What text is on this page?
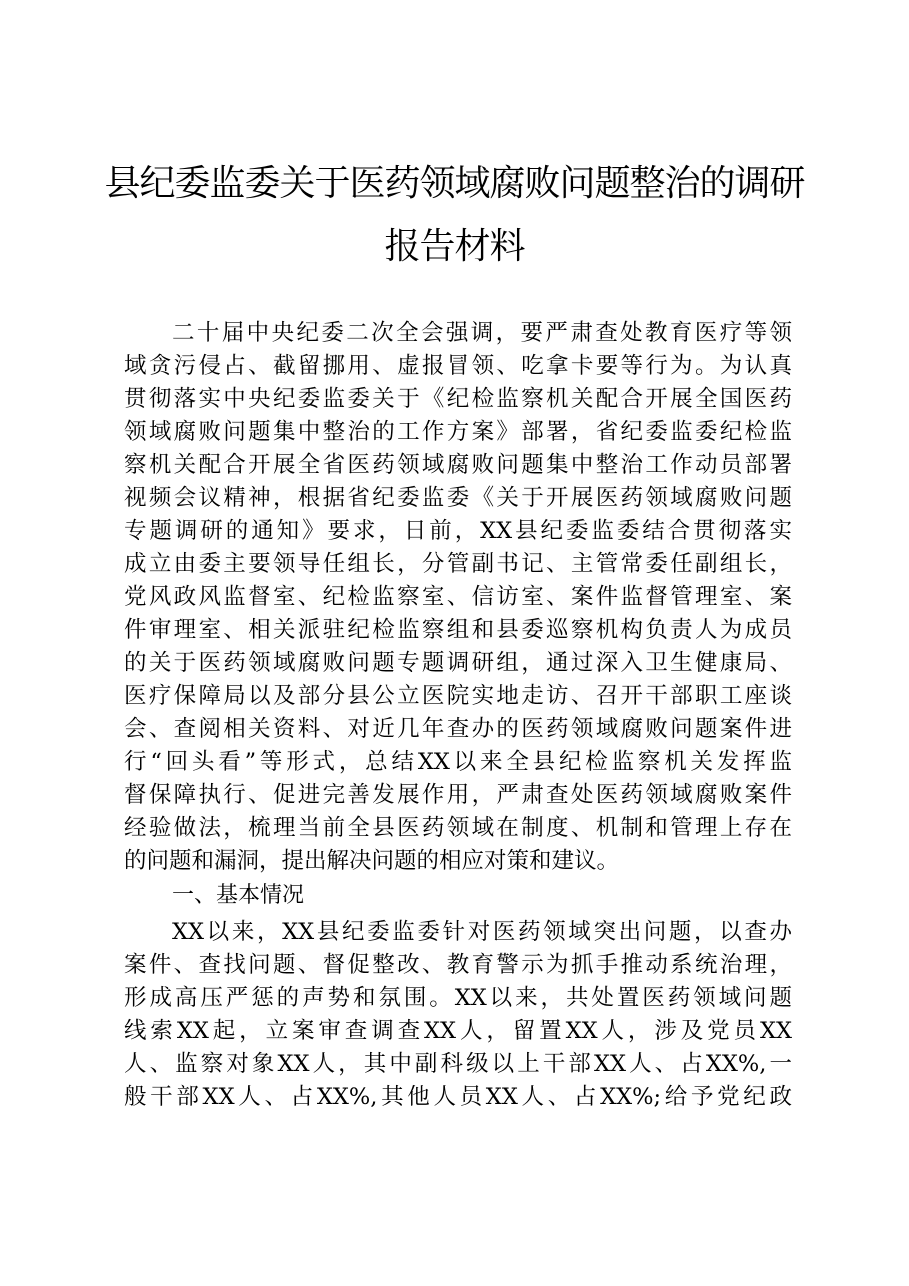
县纪委监委关于医药领域腐败问题整治的调研
报告材料
二十届中央纪委二次全会强调，要严肃查处教育医疗等领
域贪污侵占、截留挪用、虚报冒领、吃拿卡要等行为。为认真
贯彻落实中央纪委监委关于《纪检监察机关配合开展全国医药
领域腐败问题集中整治的工作方案》部署，省纪委监委纪检监
察机关配合开展全省医药领域腐败问题集中整治工作动员部署
视频会议精神，根据省纪委监委《关于开展医药领域腐败问题
专题调研的通知》要求，日前，XX县纪委监委结合贯彻落实
成立由委主要领导任组长，分管副书记、主管常委任副组长，
党风政风监督室、纪检监察室、信访室、案件监督管理室、案
件审理室、相关派驻纪检监察组和县委巡察机构负责人为成员
的关于医药领域腐败问题专题调研组，通过深入卫生健康局、
医疗保障局以及部分县公立医院实地走访、召开干部职工座谈
会、查阅相关资料、对近几年查办的医药领域腐败问题案件进
行“回头看”等形式，总结XX以来全县纪检监察机关发挥监
督保障执行、促进完善发展作用，严肃查处医药领域腐败案件
经验做法，梳理当前全县医药领域在制度、机制和管理上存在
的问题和漏洞，提出解决问题的相应对策和建议。
一、基本情况
XX以来，XX县纪委监委针对医药领域突出问题，以查办
案件、查找问题、督促整改、教育警示为抓手推动系统治理，
形成高压严惩的声势和氛围。XX以来，共处置医药领域问题
线索XX起，立案审查调查XX人，留置XX人，涉及党员XX
人、监察对象XX人，其中副科级以上干部XX人、占XX%,一
般干部XX人、占XX%,其他人员XX人、占XX%;给予党纪政
